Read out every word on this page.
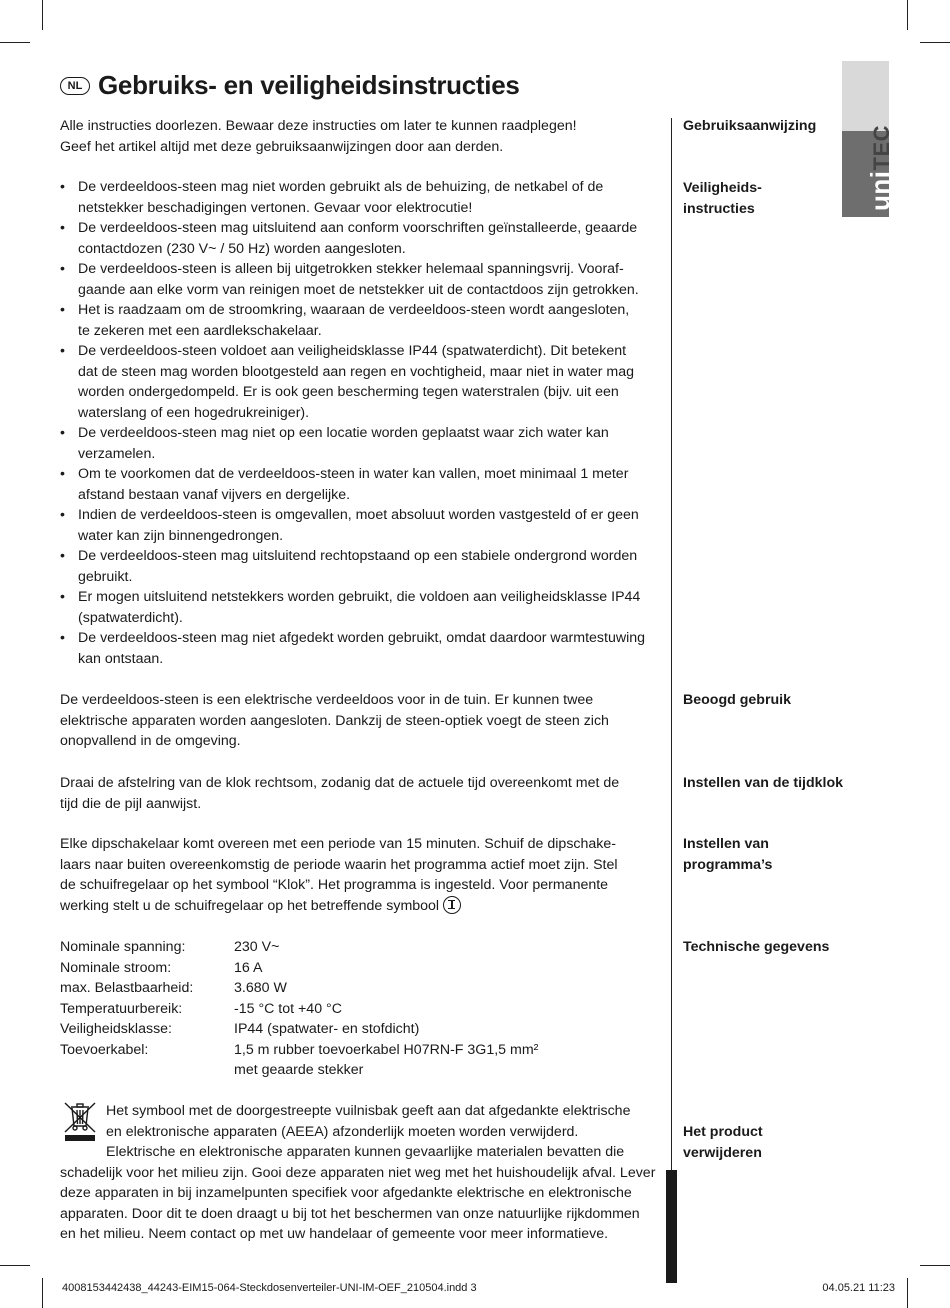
NL Gebruiks- en veiligheidsinstructies
uniTEC
Gebruiksaanwijzing
Veiligheids-
instructies
Beoogd gebruik
Instellen van de tijdklok
Instellen van
programma’s
Technische gegevens
Het product
verwijderen

Alle instructies doorlezen. Bewaar deze instructies om later te kunnen raadplegen!

Geef het artikel altijd met deze gebruiksaanwijzingen door aan derden.

• De verdeeldoos-steen mag niet worden gebruikt als de behuizing, de netkabel of de
netstekker beschadigingen vertonen. Gevaar voor elektrocutie!
• De verdeeldoos-steen mag uitsluitend aan conform voorschriften geïnstalleerde, geaarde
contactdozen (230 V~ / 50 Hz) worden aangesloten.
• De verdeeldoos-steen is alleen bij uitgetrokken stekker helemaal spanningsvrij. Vooraf-
gaande aan elke vorm van reinigen moet de netstekker uit de contactdoos zijn getrokken.
• Het is raadzaam om de stroomkring, waaraan de verdeeldoos-steen wordt aangesloten,
te zekeren met een aardlekschakelaar.
• De verdeeldoos-steen voldoet aan veiligheidsklasse IP44 (spatwaterdicht). Dit betekent
dat de steen mag worden blootgesteld aan regen en vochtigheid, maar niet in water mag
worden ondergedompeld. Er is ook geen bescherming tegen waterstralen (bijv. uit een
waterslang of een hogedrukreiniger).
• De verdeeldoos-steen mag niet op een locatie worden geplaatst waar zich water kan
verzamelen.
• Om te voorkomen dat de verdeeldoos-steen in water kan vallen, moet minimaal 1 meter
afstand bestaan vanaf vijvers en dergelijke.
• Indien de verdeeldoos-steen is omgevallen, moet absoluut worden vastgesteld of er geen
water kan zijn binnengedrongen.
• De verdeeldoos-steen mag uitsluitend rechtopstaand op een stabiele ondergrond worden
gebruikt.
• Er mogen uitsluitend netstekkers worden gebruikt, die voldoen aan veiligheidsklasse IP44
(spatwaterdicht).
• De verdeeldoos-steen mag niet afgedekt worden gebruikt, omdat daardoor warmtestuwing
kan ontstaan.

De verdeeldoos-steen is een elektrische verdeeldoos voor in de tuin. Er kunnen twee

elektrische apparaten worden aangesloten. Dankzij de steen-optiek voegt de steen zich

onopvallend in de omgeving.

Draai de afstelring van de klok rechtsom, zodanig dat de actuele tijd overeenkomt met de

tijd die de pijl aanwijst.

Elke dipschakelaar komt overeen met een periode van 15 minuten. Schuif de dipschake-

laars naar buiten overeenkomstig de periode waarin het programma actief moet zijn. Stel

de schuifregelaar op het symbool “Klok”. Het programma is ingesteld. Voor permanente

werking stelt u de schuifregelaar op het betreffende symbool

Nominale spanning:	230 V~
Nominale stroom:	16 A
max. Belastbaarheid:	3.680 W
Temperatuurbereik:	-15 °C tot +40 °C
Veiligheidsklasse:	IP44 (spatwater- en stofdicht)
Toevoerkabel:	1,5 m rubber toevoerkabel H07RN-F 3G1,5 mm²
met geaarde stekker

Het symbool met de doorgestreepte vuilnisbak geeft aan dat afgedankte elektrische

en elektronische apparaten (AEEA) afzonderlijk moeten worden verwijderd.

Elektrische en elektronische apparaten kunnen gevaarlijke materialen bevatten die

schadelijk voor het milieu zijn. Gooi deze apparaten niet weg met het huishoudelijk afval. Lever

deze apparaten in bij inzamelpunten specifiek voor afgedankte elektrische en elektronische

apparaten. Door dit te doen draagt u bij tot het beschermen van onze natuurlijke rijkdommen

en het milieu. Neem contact op met uw handelaar of gemeente voor meer informatieve.

4008153442438_44243-EIM15-064-Steckdosenverteiler-UNI-IM-OEF_210504.indd 3	04.05.21 11:23
